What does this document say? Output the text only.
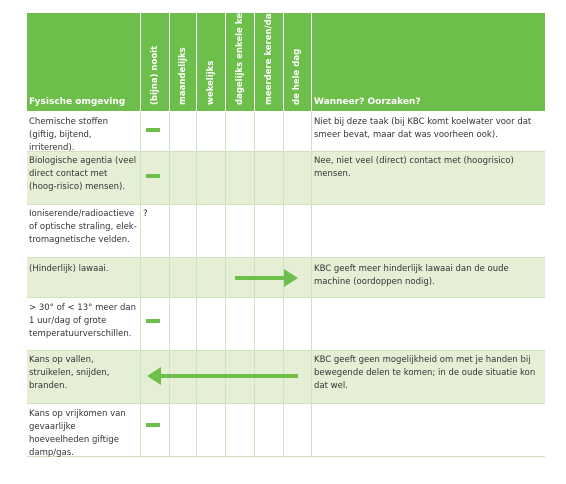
Fysische omgeving	(bijna) nooit maandelijks wekelijks dagelijks enkele keer meerdere keren/dag de hele dag Wanneer? Oorzaken?
Chemische stoffen (giftig, bijtend, irriterend).
Niet bij deze taak (bij KBC komt koelwater voor dat smeer bevat, maar dat was voorheen ook).
Biologische agentia (veel direct contact met (hoog-risico) mensen).
Nee, niet veel (direct) contact met (hoogrisico) mensen.
Ioniserende/radioactieve of optische straling, elek-tromagnetische velden.
?
(Hinderlijk) lawaai.	KBC geeft meer hinderlijk lawaai dan de oude machine (oordoppen nodig).
> 30° of < 13° meer dan 1 uur/dag of grote temperatuurverschillen.
Kans op vallen, struikelen, snijden, branden.
KBC geeft geen mogelijkheid om met je handen bij bewegende delen te komen; in de oude situatie kon dat wel.
Kans op vrijkomen van gevaarlijke hoeveelheden giftige damp/gas.
